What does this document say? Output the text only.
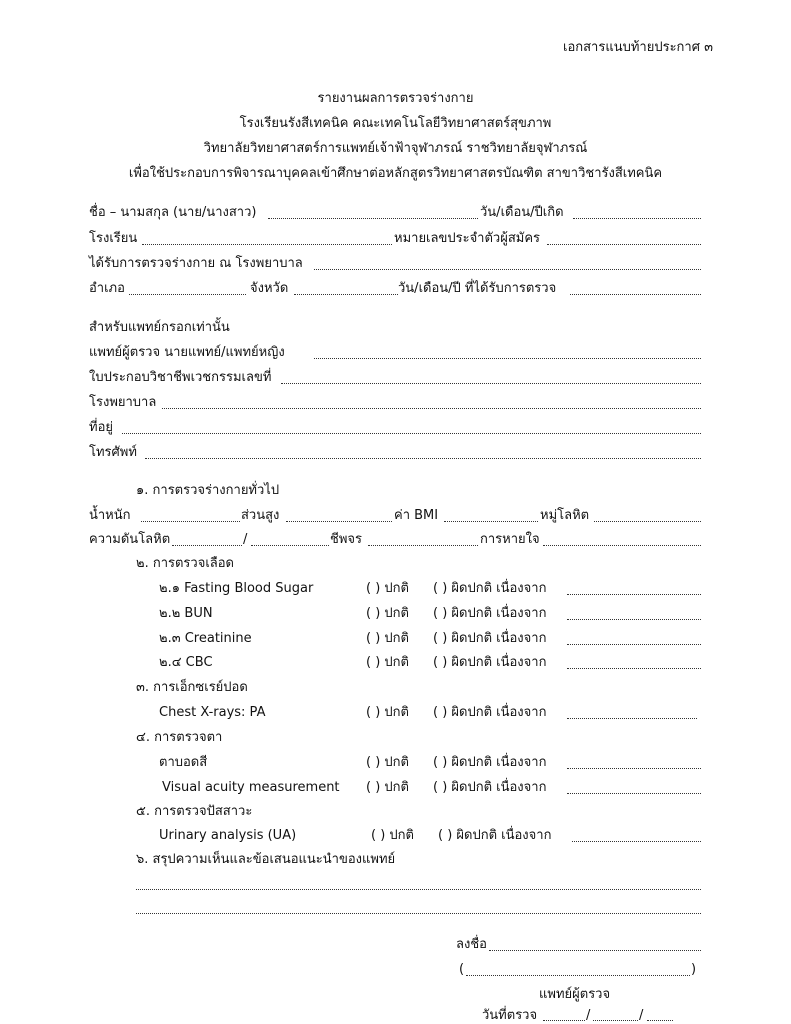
เอกสารแนบท้ายประกาศ ๓
รายงานผลการตรวจร่างกาย
โรงเรียนรังสีเทคนิค คณะเทคโนโลยีวิทยาศาสตร์สุขภาพ
วิทยาลัยวิทยาศาสตร์การแพทย์เจ้าฟ้าจุฬาภรณ์ ราชวิทยาลัยจุฬาภรณ์
เพื่อใช้ประกอบการพิจารณาบุคคลเข้าศึกษาต่อหลักสูตรวิทยาศาสตรบัณฑิต สาขาวิชารังสีเทคนิค
ชื่อ – นามสกุล (นาย/นางสาว)	วัน/เดือน/ปีเกิด
โรงเรียน	หมายเลขประจำตัวผู้สมัคร
ได้รับการตรวจร่างกาย ณ โรงพยาบาล
อำเภอ	จังหวัด	วัน/เดือน/ปี ที่ได้รับการตรวจ
สำหรับแพทย์กรอกเท่านั้น
แพทย์ผู้ตรวจ นายแพทย์/แพทย์หญิง
ใบประกอบวิชาชีพเวชกรรมเลขที่
โรงพยาบาล
ที่อยู่
โทรศัพท์
๑. การตรวจร่างกายทั่วไป
น้ำหนัก	ส่วนสูง	ค่า BMI	หมู่โลหิต
ความดันโลหิต	/	ชีพจร	การหายใจ
๒. การตรวจเลือด
๒.๑ Fasting Blood Sugar	( ) ปกติ ( ) ผิดปกติ เนื่องจาก
๒.๒ BUN	( ) ปกติ ( ) ผิดปกติ เนื่องจาก
๒.๓ Creatinine	( ) ปกติ ( ) ผิดปกติ เนื่องจาก
๒.๔ CBC	( ) ปกติ ( ) ผิดปกติ เนื่องจาก
๓. การเอ็กซเรย์ปอด
Chest X-rays: PA	( ) ปกติ ( ) ผิดปกติ เนื่องจาก
๔. การตรวจตา
ตาบอดสี	( ) ปกติ ( ) ผิดปกติ เนื่องจาก
Visual acuity measurement ( ) ปกติ ( ) ผิดปกติ เนื่องจาก
๕. การตรวจปัสสาวะ
Urinary analysis (UA)	( ) ปกติ ( ) ผิดปกติ เนื่องจาก
๖. สรุปความเห็นและข้อเสนอแนะนำของแพทย์
ลงชื่อ
(	)
แพทย์ผู้ตรวจ
วันที่ตรวจ	/	/
